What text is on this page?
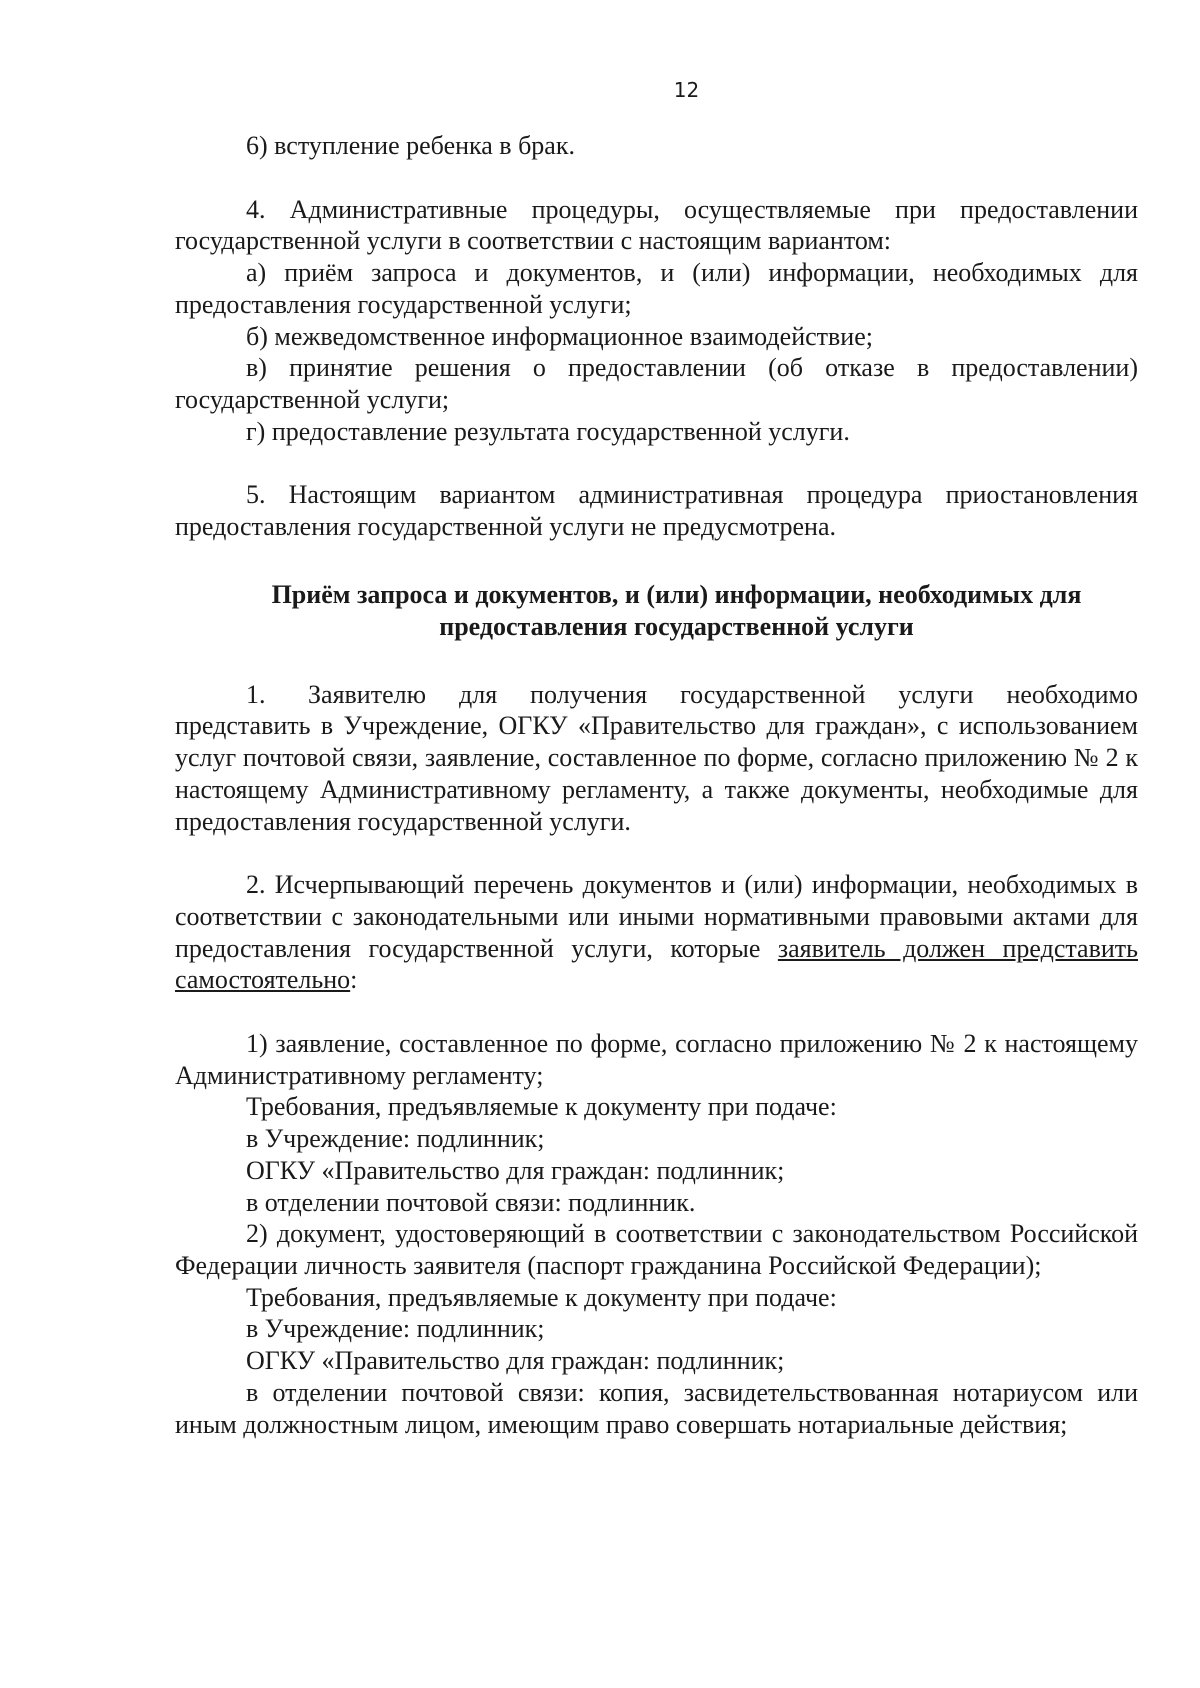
12

6) вступление ребенка в брак.

4. Административные процедуры, осуществляемые при предоставлении государственной услуги в соответствии с настоящим вариантом:

а) приём запроса и документов, и (или) информации, необходимых для предоставления государственной услуги;

б) межведомственное информационное взаимодействие;

в) принятие решения о предоставлении (об отказе в предоставлении) государственной услуги;

г) предоставление результата государственной услуги.

5. Настоящим вариантом административная процедура приостановления предоставления государственной услуги не предусмотрена.

Приём запроса и документов, и (или) информации, необходимых для предоставления государственной услуги

1. Заявителю для получения государственной услуги необходимо представить в Учреждение, ОГКУ «Правительство для граждан», с использованием услуг почтовой связи, заявление, составленное по форме, согласно приложению № 2 к настоящему Административному регламенту, а также документы, необходимые для предоставления государственной услуги.

2. Исчерпывающий перечень документов и (или) информации, необходимых в соответствии с законодательными или иными нормативными правовыми актами для предоставления государственной услуги, которые заявитель должен представить самостоятельно:

1) заявление, составленное по форме, согласно приложению № 2 к настоящему Административному регламенту;

Требования, предъявляемые к документу при подаче:

в Учреждение: подлинник;

ОГКУ «Правительство для граждан: подлинник;

в отделении почтовой связи: подлинник.

2) документ, удостоверяющий в соответствии с законодательством Российской Федерации личность заявителя (паспорт гражданина Российской Федерации);

Требования, предъявляемые к документу при подаче:

в Учреждение: подлинник;

ОГКУ «Правительство для граждан: подлинник;

в отделении почтовой связи: копия, засвидетельствованная нотариусом или иным должностным лицом, имеющим право совершать нотариальные действия;
